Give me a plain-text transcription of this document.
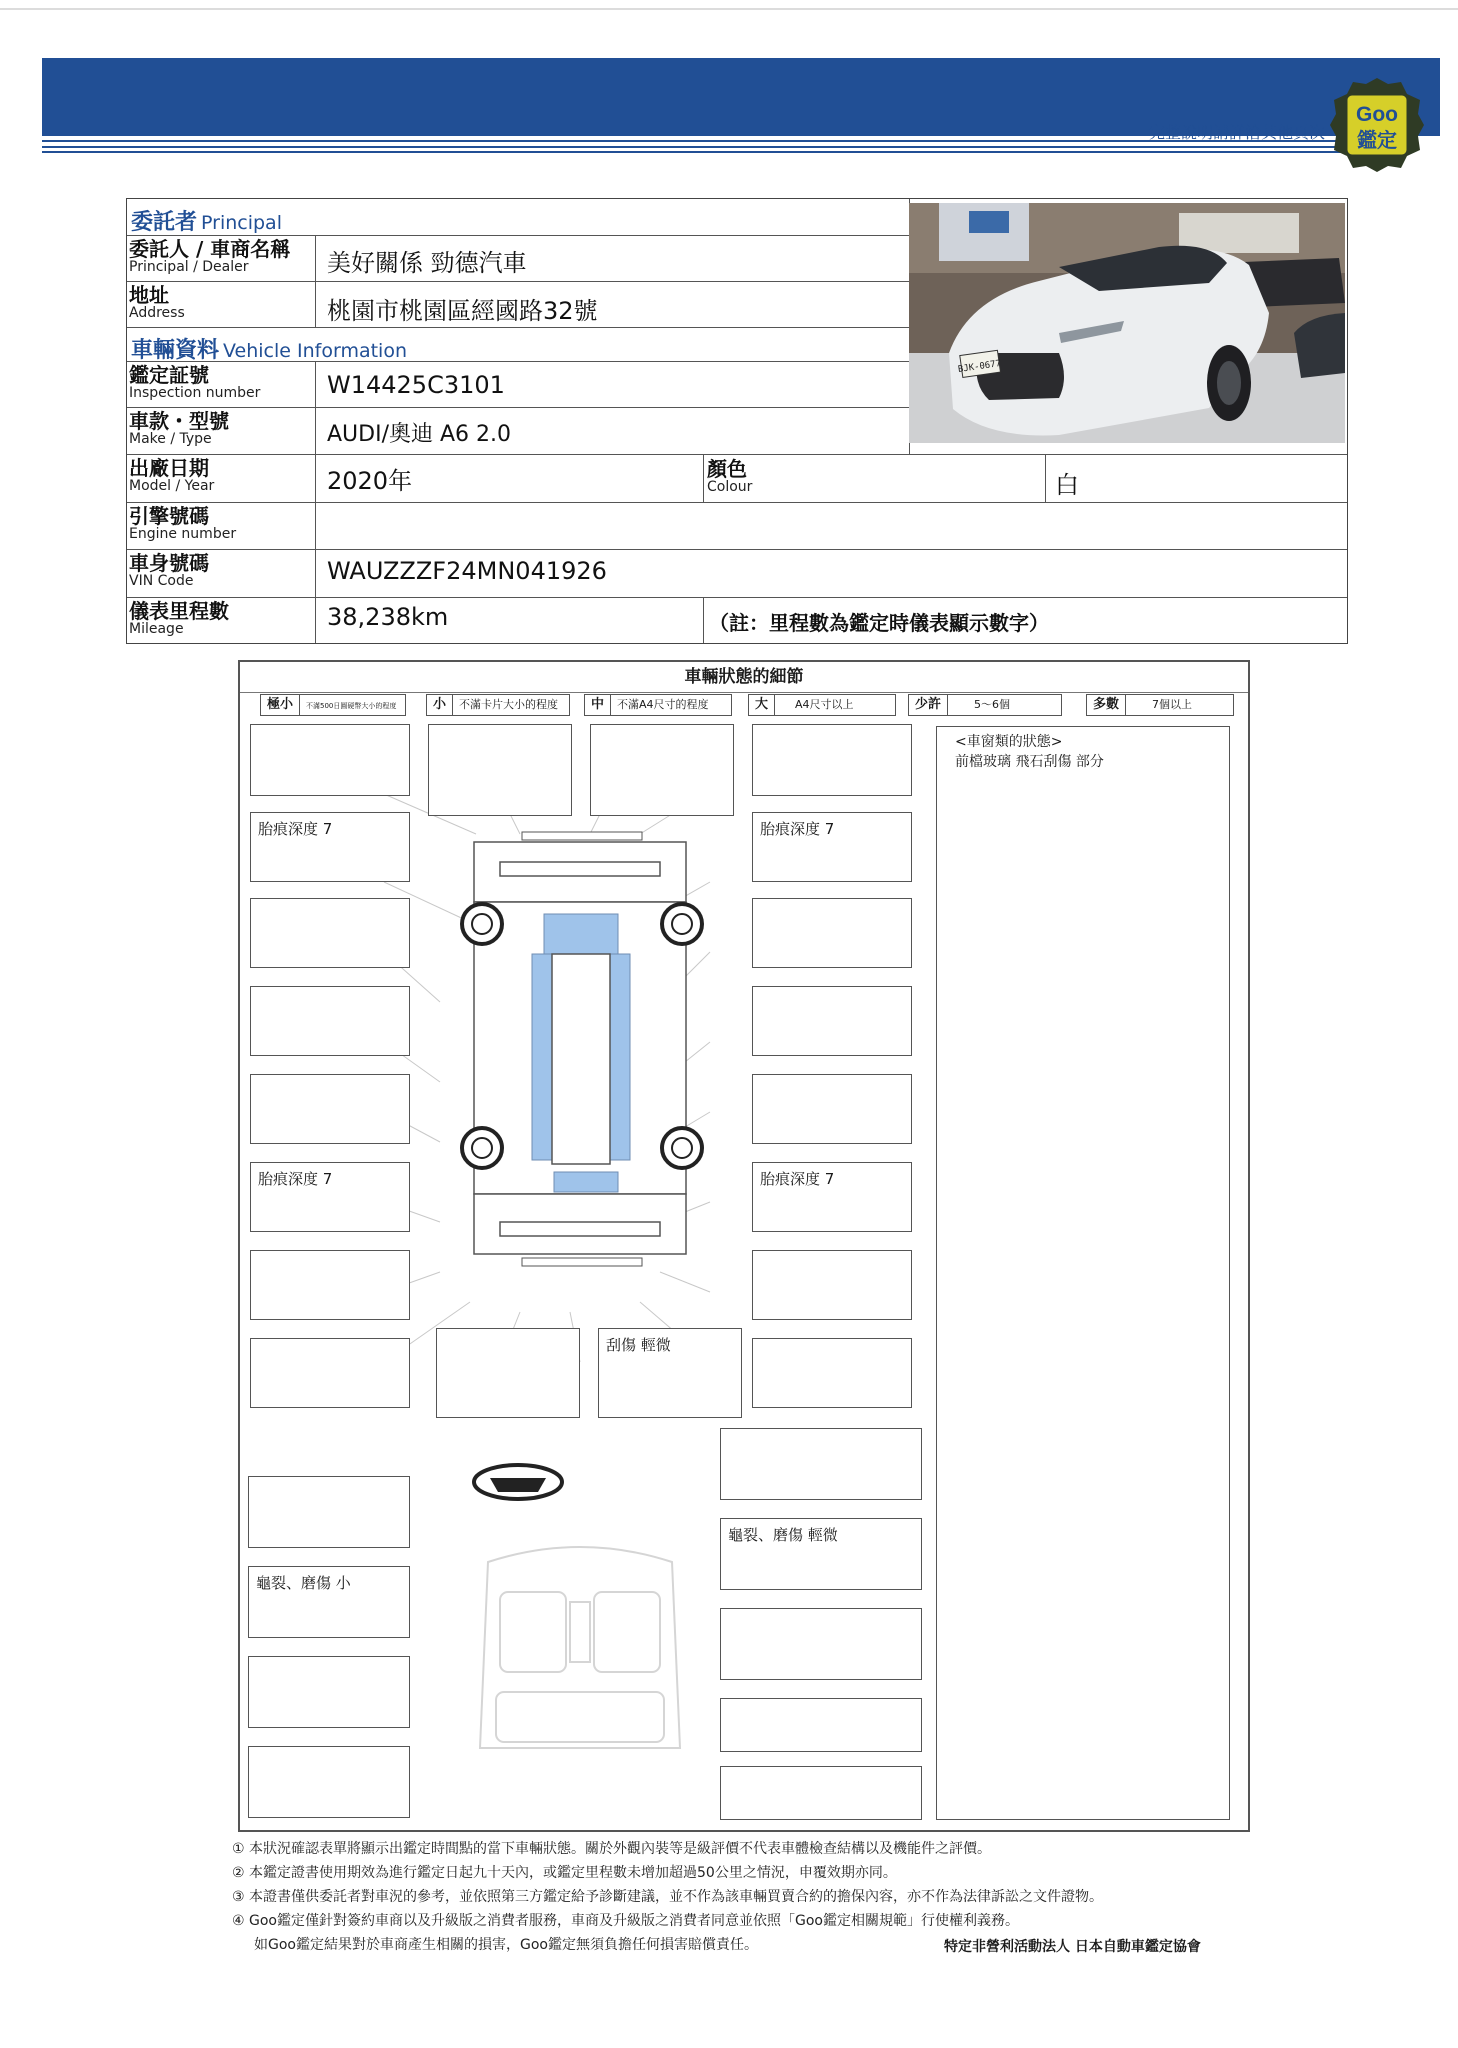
完整說明請詳洽其他頁次
Goo
鑑定
委託者 Principal
委託人 / 車商名稱
Principal / Dealer	美好關係 勁德汽車
地址
Address	桃園市桃園區經國路32號
車輛資料 Vehicle Information
鑑定証號
Inspection number	W14425C3101
車款・型號
Make / Type	AUDI/奧迪 A6 2.0
出廠日期
Model / Year	2020年	顏色
Colour	白
引擎號碼
Engine number
車身號碼
VIN Code	WAUZZZF24MN041926
儀表里程數
Mileage	38,238km	（註：里程數為鑑定時儀表顯示數字）
BJK-0677
車輛狀態的細節
極小 不滿500日圓硬幣大小的程度	小 不滿卡片大小的程度	中 不滿A4尺寸的程度	大 A4尺寸以上	少許	5～6個	多數	7個以上
胎痕深度 7
胎痕深度 7
胎痕深度 7
胎痕深度 7
刮傷 輕微
龜裂、磨傷 小
龜裂、磨傷 輕微
<車窗類的狀態>
前檔玻璃 飛石刮傷 部分
① 本狀況確認表單將顯示出鑑定時間點的當下車輛狀態。關於外觀內裝等是級評價不代表車體檢查結構以及機能件之評價。
② 本鑑定證書使用期效為進行鑑定日起九十天內，或鑑定里程數未增加超過50公里之情況，申覆效期亦同。
③ 本證書僅供委託者對車況的參考，並依照第三方鑑定給予診斷建議，並不作為該車輛買賣合約的擔保內容，亦不作為法律訴訟之文件證物。
④ Goo鑑定僅針對簽約車商以及升級版之消費者服務，車商及升級版之消費者同意並依照「Goo鑑定相關規範」行使權利義務。
如Goo鑑定結果對於車商產生相關的損害，Goo鑑定無須負擔任何損害賠償責任。	特定非營利活動法人 日本自動車鑑定協會
